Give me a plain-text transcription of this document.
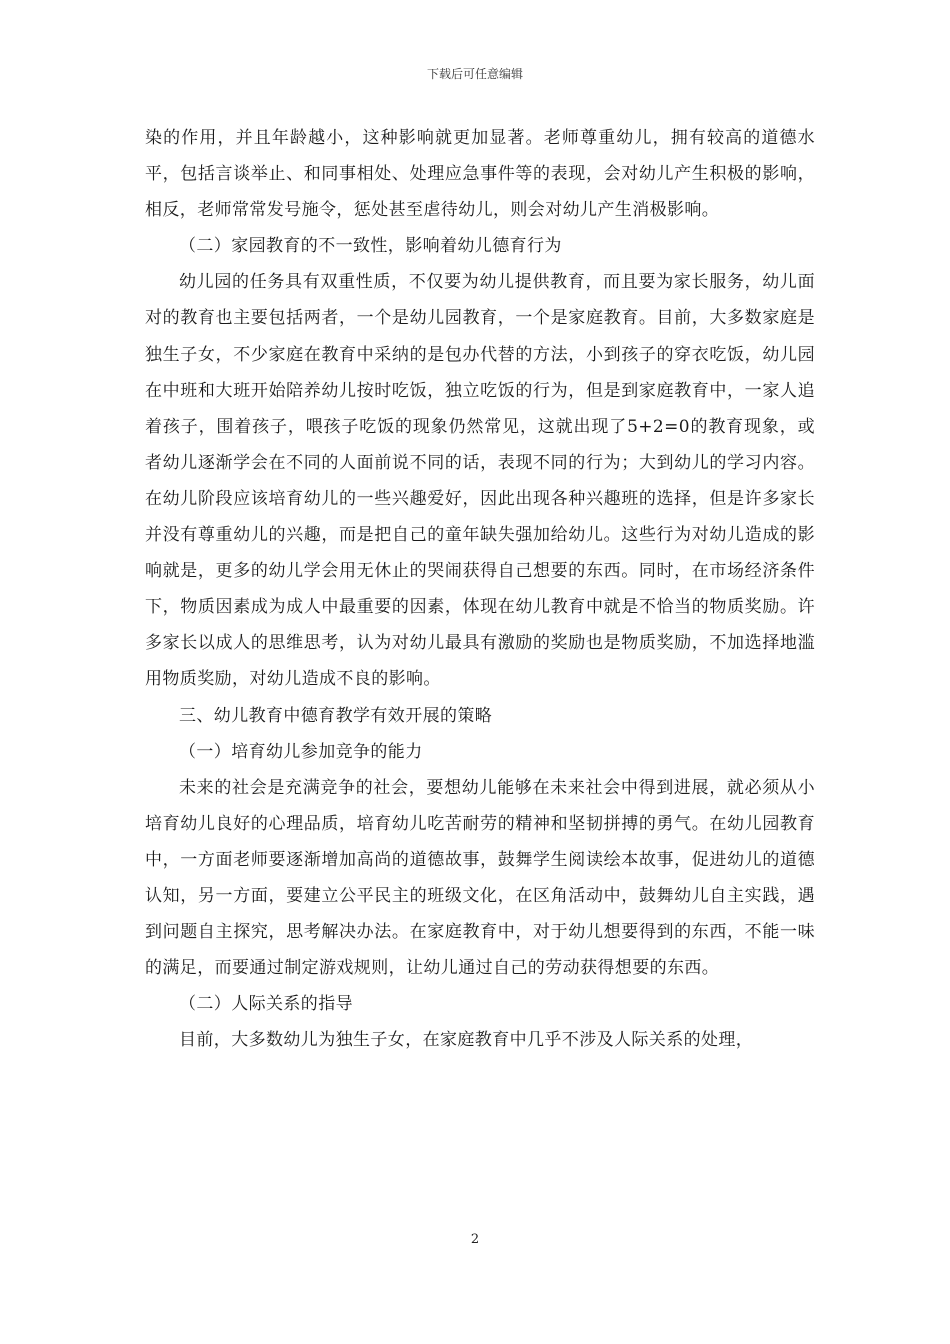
下载后可任意编辑

染的作用，并且年龄越小，这种影响就更加显著。老师尊重幼儿，拥有较高的道德水平，包括言谈举止、和同事相处、处理应急事件等的表现，会对幼儿产生积极的影响，相反，老师常常发号施令，惩处甚至虐待幼儿，则会对幼儿产生消极影响。

（二）家园教育的不一致性，影响着幼儿德育行为

幼儿园的任务具有双重性质，不仅要为幼儿提供教育，而且要为家长服务，幼儿面对的教育也主要包括两者，一个是幼儿园教育，一个是家庭教育。目前，大多数家庭是独生子女，不少家庭在教育中采纳的是包办代替的方法，小到孩子的穿衣吃饭，幼儿园在中班和大班开始陪养幼儿按时吃饭，独立吃饭的行为，但是到家庭教育中，一家人追着孩子，围着孩子，喂孩子吃饭的现象仍然常见，这就出现了5+2=0的教育现象，或者幼儿逐渐学会在不同的人面前说不同的话，表现不同的行为；大到幼儿的学习内容。在幼儿阶段应该培育幼儿的一些兴趣爱好，因此出现各种兴趣班的选择，但是许多家长并没有尊重幼儿的兴趣，而是把自己的童年缺失强加给幼儿。这些行为对幼儿造成的影响就是，更多的幼儿学会用无休止的哭闹获得自己想要的东西。同时，在市场经济条件下，物质因素成为成人中最重要的因素，体现在幼儿教育中就是不恰当的物质奖励。许多家长以成人的思维思考，认为对幼儿最具有激励的奖励也是物质奖励，不加选择地滥用物质奖励，对幼儿造成不良的影响。

三、幼儿教育中德育教学有效开展的策略

（一）培育幼儿参加竞争的能力

未来的社会是充满竞争的社会，要想幼儿能够在未来社会中得到进展，就必须从小培育幼儿良好的心理品质，培育幼儿吃苦耐劳的精神和坚韧拼搏的勇气。在幼儿园教育中，一方面老师要逐渐增加高尚的道德故事，鼓舞学生阅读绘本故事，促进幼儿的道德认知，另一方面，要建立公平民主的班级文化，在区角活动中，鼓舞幼儿自主实践，遇到问题自主探究，思考解决办法。在家庭教育中，对于幼儿想要得到的东西，不能一味的满足，而要通过制定游戏规则，让幼儿通过自己的劳动获得想要的东西。

（二）人际关系的指导

目前，大多数幼儿为独生子女，在家庭教育中几乎不涉及人际关系的处理，

2
